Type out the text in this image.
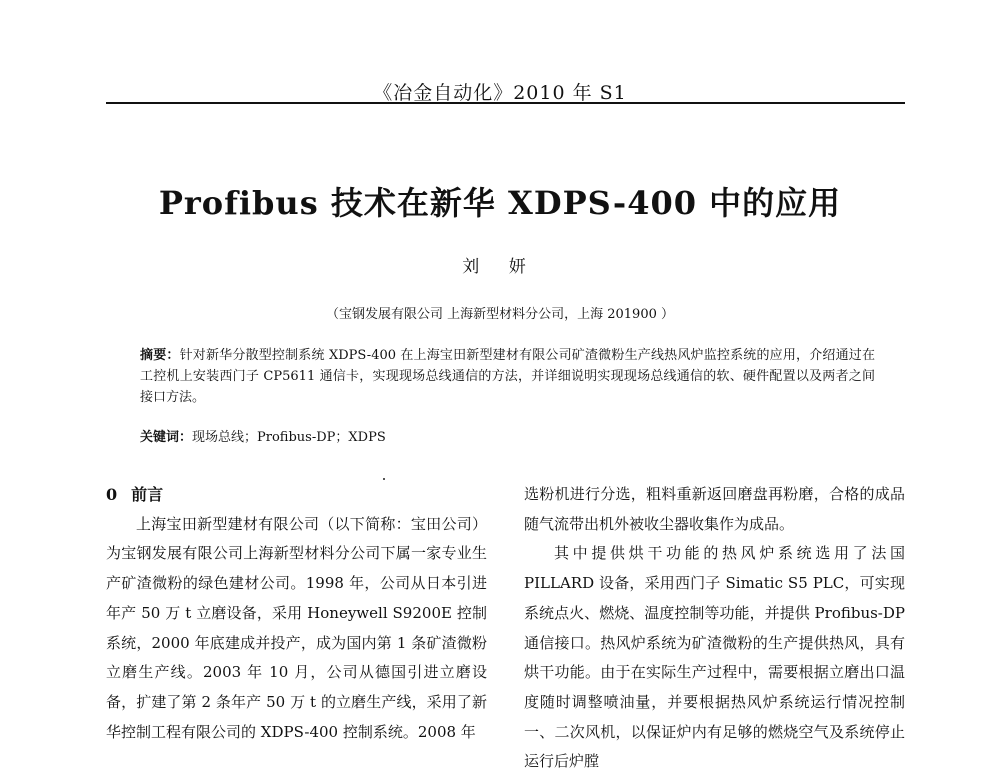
《冶金自动化》2010 年 S1
Profibus 技术在新华 XDPS-400 中的应用
刘 妍
（宝钢发展有限公司 上海新型材料分公司，上海 201900 ）
摘要：针对新华分散型控制系统 XDPS-400 在上海宝田新型建材有限公司矿渣微粉生产线热风炉监控系统的应用，介绍通过在工控机上安装西门子 CP5611 通信卡，实现现场总线通信的方法，并详细说明实现现场总线通信的软、硬件配置以及两者之间接口方法。
关键词：现场总线；Profibus-DP；XDPS

0 前言

上海宝田新型建材有限公司（以下简称：宝田公司）为宝钢发展有限公司上海新型材料分公司下属一家专业生产矿渣微粉的绿色建材公司。1998 年，公司从日本引进年产 50 万 t 立磨设备，采用 Honeywell S9200E 控制系统，2000 年底建成并投产，成为国内第 1 条矿渣微粉立磨生产线。2003 年 10 月，公司从德国引进立磨设备，扩建了第 2 条年产 50 万 t 的立磨生产线，采用了新华控制工程有限公司的 XDPS-400 控制系统。2008 年

选粉机进行分选，粗料重新返回磨盘再粉磨，合格的成品随气流带出机外被收尘器收集作为成品。

其中提供烘干功能的热风炉系统选用了法国 PILLARD 设备，采用西门子 Simatic S5 PLC，可实现系统点火、燃烧、温度控制等功能，并提供 Profibus-DP 通信接口。热风炉系统为矿渣微粉的生产提供热风，具有烘干功能。由于在实际生产过程中，需要根据立磨出口温度随时调整喷油量，并要根据热风炉系统运行情况控制一、二次风机，以保证炉内有足够的燃烧空气及系统停止运行后炉膛
